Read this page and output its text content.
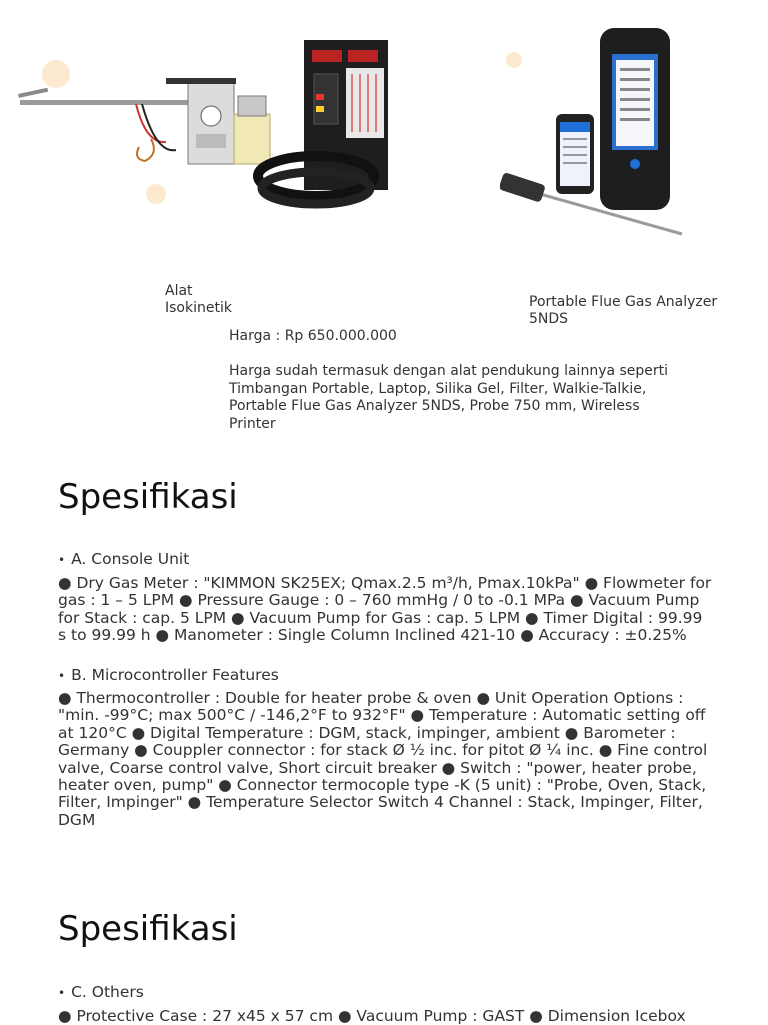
Alat Isokinetik	Portable Flue Gas Analyzer 5NDS
Harga : Rp 650.000.000
Harga sudah termasuk dengan alat pendukung lainnya seperti Timbangan Portable, Laptop, Silika Gel, Filter, Walkie-Talkie, Portable Flue Gas Analyzer 5NDS, Probe 750 mm, Wireless Printer
Spesifikasi
• A. Console Unit
● Dry Gas Meter : "KIMMON SK25EX; Qmax.2.5 m³/h, Pmax.10kPa" ● Flowmeter for gas : 1 – 5 LPM ● Pressure Gauge : 0 – 760 mmHg / 0 to -0.1 MPa ● Vacuum Pump for Stack : cap. 5 LPM ● Vacuum Pump for Gas : cap. 5 LPM ● Timer Digital : 99.99 s to 99.99 h ● Manometer : Single Column Inclined 421-10 ● Accuracy : ±0.25%
• B. Microcontroller Features
● Thermocontroller : Double for heater probe & oven ● Unit Operation Options : "min. -99°C; max 500°C / -146,2°F to 932°F" ● Temperature : Automatic setting off at 120°C ● Digital Temperature : DGM, stack, impinger, ambient ● Barometer : Germany ● Couppler connector : for stack Ø ½ inc. for pitot Ø ¼ inc. ● Fine control valve, Coarse control valve, Short circuit breaker ● Switch : "power, heater probe, heater oven, pump" ● Connector termocople type -K (5 unit) : "Probe, Oven, Stack, Filter, Impinger" ● Temperature Selector Switch 4 Channel : Stack, Impinger, Filter, DGM
Spesifikasi
• C. Others
● Protective Case : 27 x45 x 57 cm ● Vacuum Pump : GAST ● Dimension Icebox
